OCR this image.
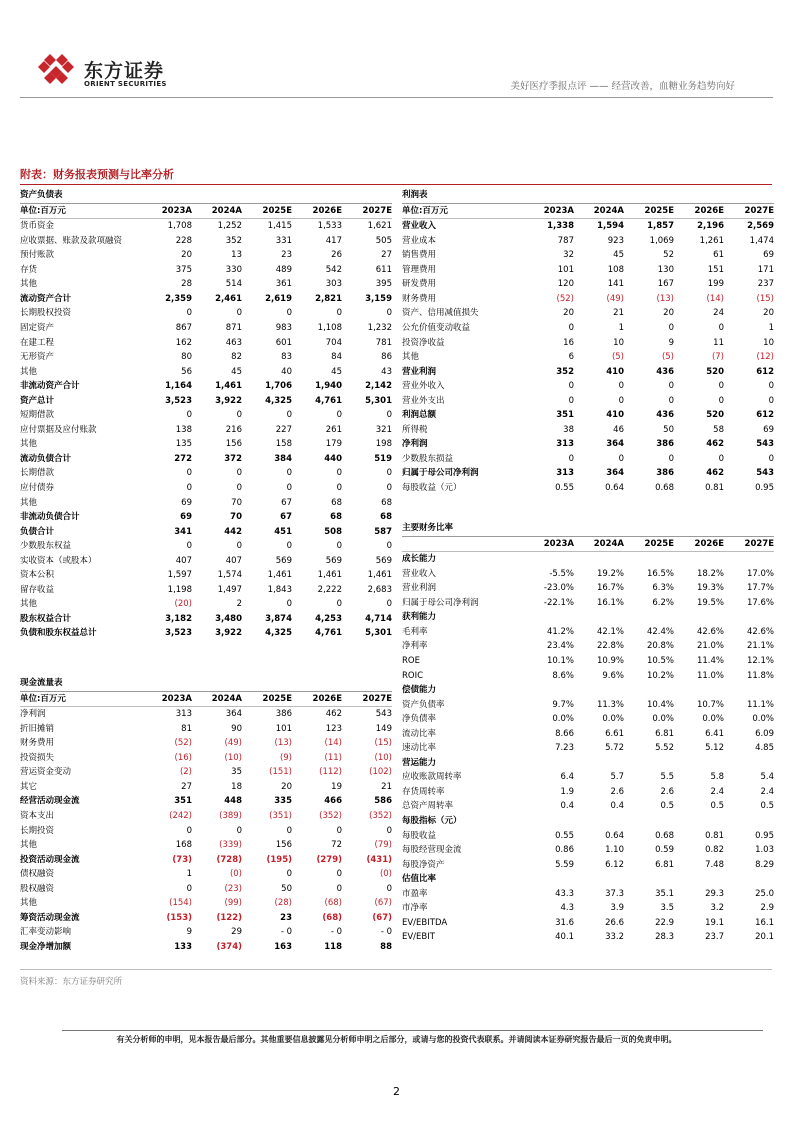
东方证券
ORIENT SECURITIES	美好医疗季报点评 —— 经营改善，血糖业务趋势向好
附表：财务报表预测与比率分析
资产负债表
单位:百万元	2023A	2024A	2025E	2026E	2027E
货币资金	1,708	1,252	1,415	1,533	1,621
应收票据、账款及款项融资	228	352	331	417	505
预付账款	20	13	23	26	27
存货	375	330	489	542	611
其他	28	514	361	303	395
流动资产合计	2,359	2,461	2,619	2,821	3,159
长期股权投资	0	0	0	0	0
固定资产	867	871	983	1,108	1,232
在建工程	162	463	601	704	781
无形资产	80	82	83	84	86
其他	56	45	40	45	43
非流动资产合计	1,164	1,461	1,706	1,940	2,142
资产总计	3,523	3,922	4,325	4,761	5,301
短期借款	0	0	0	0	0
应付票据及应付账款	138	216	227	261	321
其他	135	156	158	179	198
流动负债合计	272	372	384	440	519
长期借款	0	0	0	0	0
应付债券	0	0	0	0	0
其他	69	70	67	68	68
非流动负债合计	69	70	67	68	68
负债合计	341	442	451	508	587
少数股东权益	0	0	0	0	0
实收资本（或股本）	407	407	569	569	569
资本公积	1,597	1,574	1,461	1,461	1,461
留存收益	1,198	1,497	1,843	2,222	2,683
其他	(20)	2	0	0	0
股东权益合计	3,182	3,480	3,874	4,253	4,714
负债和股东权益总计	3,523	3,922	4,325	4,761	5,301
现金流量表
单位:百万元	2023A	2024A	2025E	2026E	2027E
净利润	313	364	386	462	543
折旧摊销	81	90	101	123	149
财务费用	(52)	(49)	(13)	(14)	(15)
投资损失	(16)	(10)	(9)	(11)	(10)
营运资金变动	(2)	35	(151)	(112)	(102)
其它	27	18	20	19	21
经营活动现金流	351	448	335	466	586
资本支出	(242)	(389)	(351)	(352)	(352)
长期投资	0	0	0	0	0
其他	168	(339)	156	72	(79)
投资活动现金流	(73)	(728)	(195)	(279)	(431)
债权融资	1	(0)	0	0	(0)
股权融资	0	(23)	50	0	0
其他	(154)	(99)	(28)	(68)	(67)
筹资活动现金流	(153)	(122)	23	(68)	(67)
汇率变动影响	9	29	- 0	- 0	- 0
现金净增加额	133	(374)	163	118	88
利润表
单位:百万元	2023A	2024A	2025E	2026E	2027E
营业收入	1,338	1,594	1,857	2,196	2,569
营业成本	787	923	1,069	1,261	1,474
销售费用	32	45	52	61	69
管理费用	101	108	130	151	171
研发费用	120	141	167	199	237
财务费用	(52)	(49)	(13)	(14)	(15)
资产、信用减值损失	20	21	20	24	20
公允价值变动收益	0	1	0	0	1
投资净收益	16	10	9	11	10
其他	6	(5)	(5)	(7)	(12)
营业利润	352	410	436	520	612
营业外收入	0	0	0	0	0
营业外支出	0	0	0	0	0
利润总额	351	410	436	520	612
所得税	38	46	50	58	69
净利润	313	364	386	462	543
少数股东损益	0	0	0	0	0
归属于母公司净利润	313	364	386	462	543
每股收益（元）	0.55	0.64	0.68	0.81	0.95
主要财务比率
	2023A	2024A	2025E	2026E	2027E
成长能力					
营业收入	-5.5%	19.2%	16.5%	18.2%	17.0%
营业利润	-23.0%	16.7%	6.3%	19.3%	17.7%
归属于母公司净利润	-22.1%	16.1%	6.2%	19.5%	17.6%
获利能力					
毛利率	41.2%	42.1%	42.4%	42.6%	42.6%
净利率	23.4%	22.8%	20.8%	21.0%	21.1%
ROE	10.1%	10.9%	10.5%	11.4%	12.1%
ROIC	8.6%	9.6%	10.2%	11.0%	11.8%
偿债能力					
资产负债率	9.7%	11.3%	10.4%	10.7%	11.1%
净负债率	0.0%	0.0%	0.0%	0.0%	0.0%
流动比率	8.66	6.61	6.81	6.41	6.09
速动比率	7.23	5.72	5.52	5.12	4.85
营运能力					
应收账款周转率	6.4	5.7	5.5	5.8	5.4
存货周转率	1.9	2.6	2.6	2.4	2.4
总资产周转率	0.4	0.4	0.5	0.5	0.5
每股指标（元）					
每股收益	0.55	0.64	0.68	0.81	0.95
每股经营现金流	0.86	1.10	0.59	0.82	1.03
每股净资产	5.59	6.12	6.81	7.48	8.29
估值比率					
市盈率	43.3	37.3	35.1	29.3	25.0
市净率	4.3	3.9	3.5	3.2	2.9
EV/EBITDA	31.6	26.6	22.9	19.1	16.1
EV/EBIT	40.1	33.2	28.3	23.7	20.1
资料来源：东方证券研究所
有关分析师的申明，见本报告最后部分。其他重要信息披露见分析师申明之后部分，或请与您的投资代表联系。并请阅读本证券研究报告最后一页的免责申明。
2
